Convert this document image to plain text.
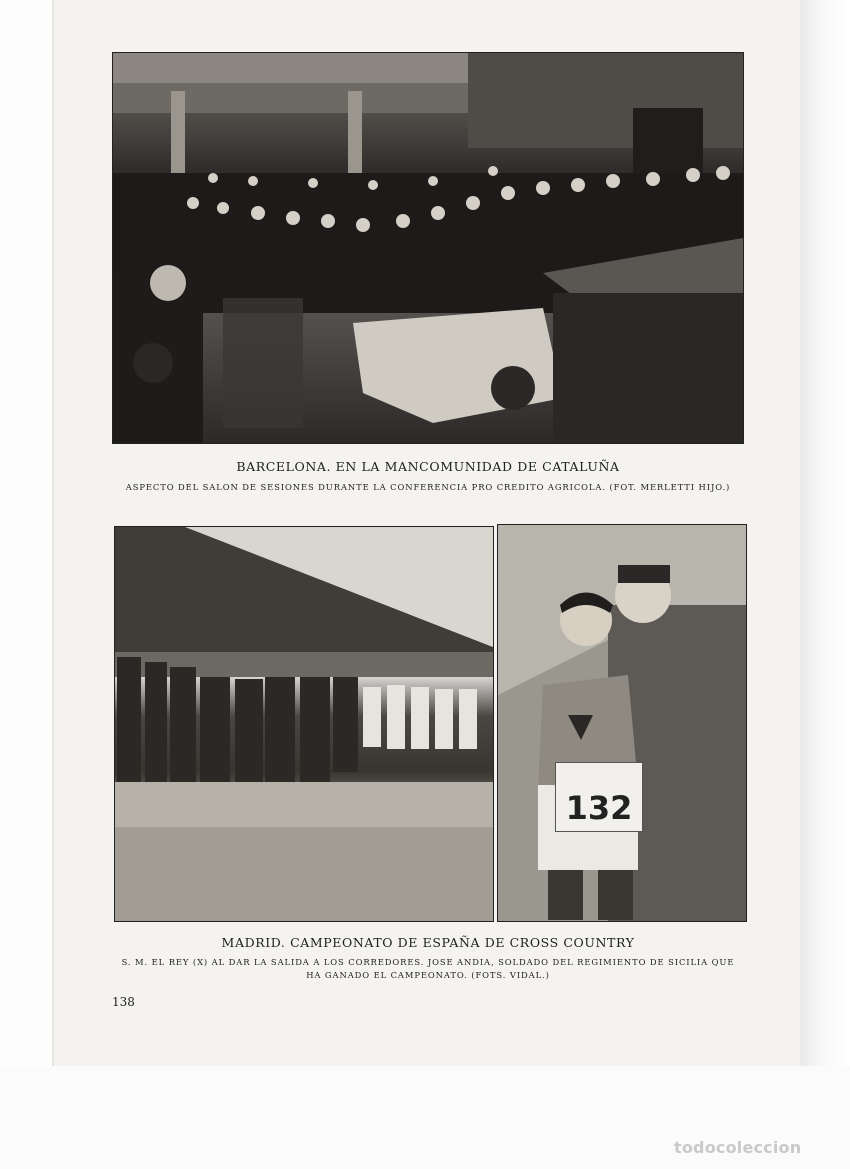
BARCELONA. EN LA MANCOMUNIDAD DE CATALUÑA
ASPECTO DEL SALON DE SESIONES DURANTE LA CONFERENCIA PRO CREDITO AGRICOLA. (FOT. MERLETTI HIJO.)
132
MADRID. CAMPEONATO DE ESPAÑA DE CROSS COUNTRY
S. M. EL REY (X) AL DAR LA SALIDA A LOS CORREDORES. JOSE ANDIA, SOLDADO DEL REGIMIENTO DE SICILIA QUE
HA GANADO EL CAMPEONATO. (FOTS. VIDAL.)
138
todocoleccion
